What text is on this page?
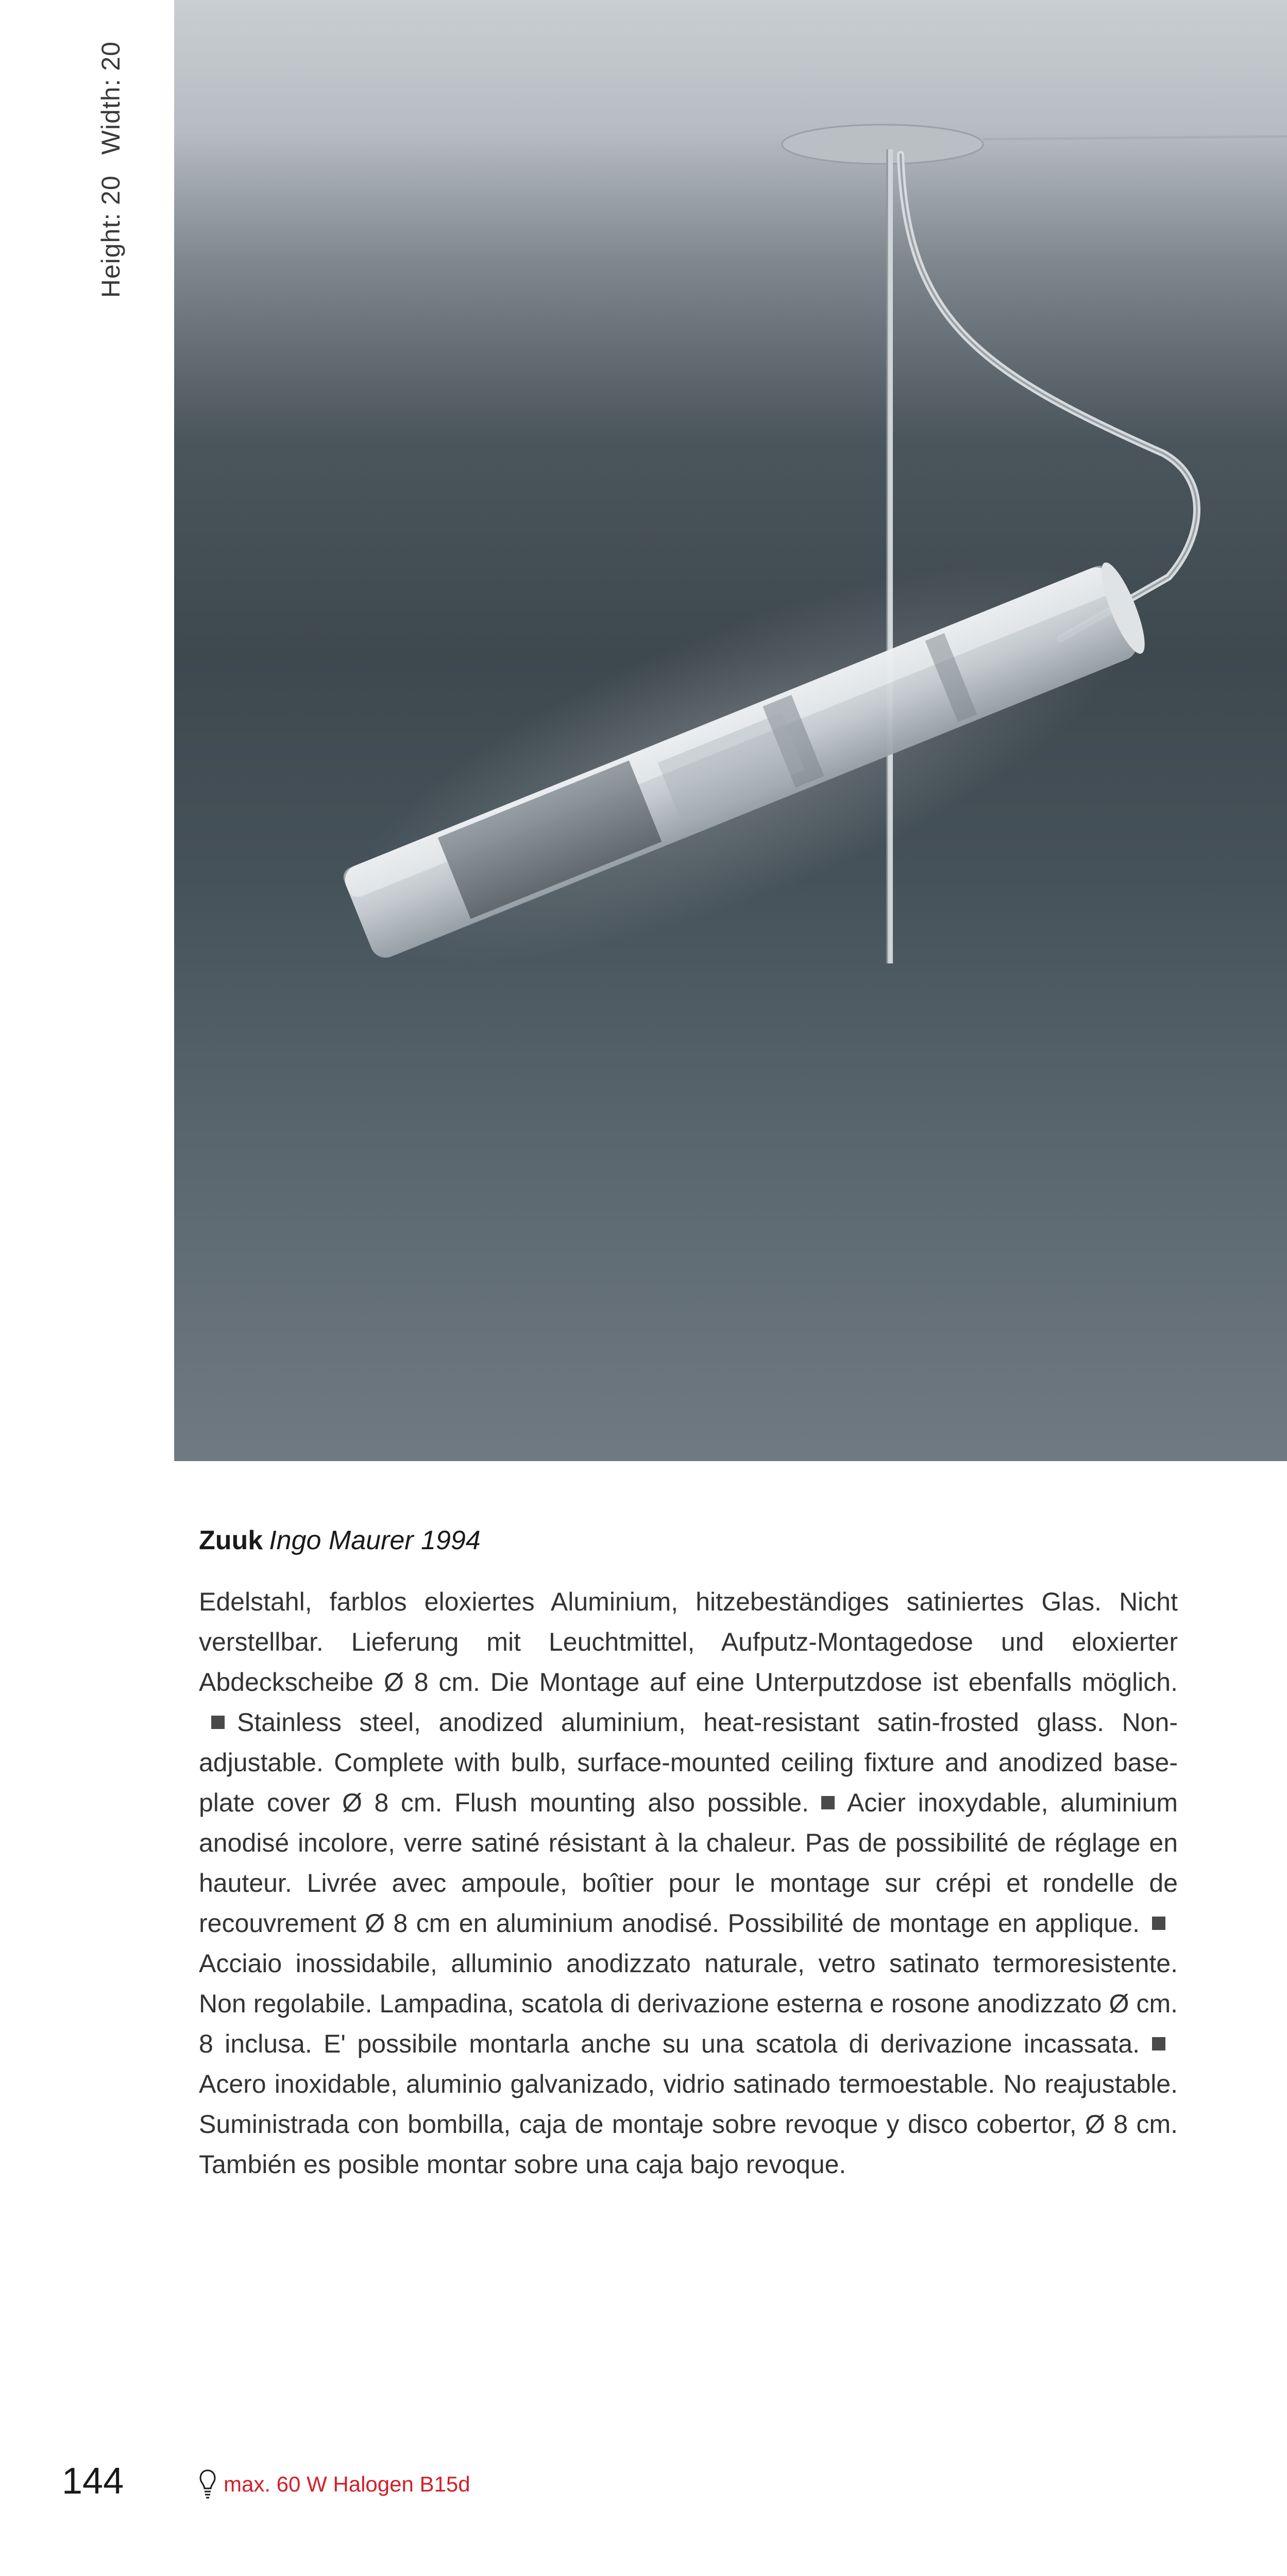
Height: 20
Width: 20

Zuuk Ingo Maurer 1994

Edelstahl, farblos eloxiertes Aluminium, hitzebeständiges satiniertes Glas. Nicht verstellbar. Lieferung mit Leuchtmittel, Aufputz-Montagedose und eloxierter Abdeckscheibe Ø 8 cm. Die Montage auf eine Unterputzdose ist ebenfalls möglich.Stainless steel, anodized aluminium, heat-resistant satin-frosted glass. Non-adjustable. Complete with bulb, surface-mounted ceiling fixture and anodized base-plate cover Ø 8 cm. Flush mounting also possible. Acier inoxydable, aluminium anodisé incolore, verre satiné résistant à la chaleur. Pas de possibilité de réglage en hauteur. Livrée avec ampoule, boîtier pour le montage sur crépi et rondelle de recouvrement Ø 8 cm en aluminium anodisé. Possibilité de montage en applique.Acciaio inossidabile, alluminio anodizzato naturale, vetro satinato termoresistente. Non regolabile. Lampadina, scatola di derivazione esterna e rosone anodizzato Ø cm. 8 inclusa. E' possibile montarla anche su una scatola di derivazione incassata.Acero inoxidable, aluminio galvanizado, vidrio satinado termoestable. No reajustable. Suministrada con bombilla, caja de montaje sobre revoque y disco cobertor, Ø 8 cm. También es posible montar sobre una caja bajo revoque.

144	max. 60 W Halogen B15d
